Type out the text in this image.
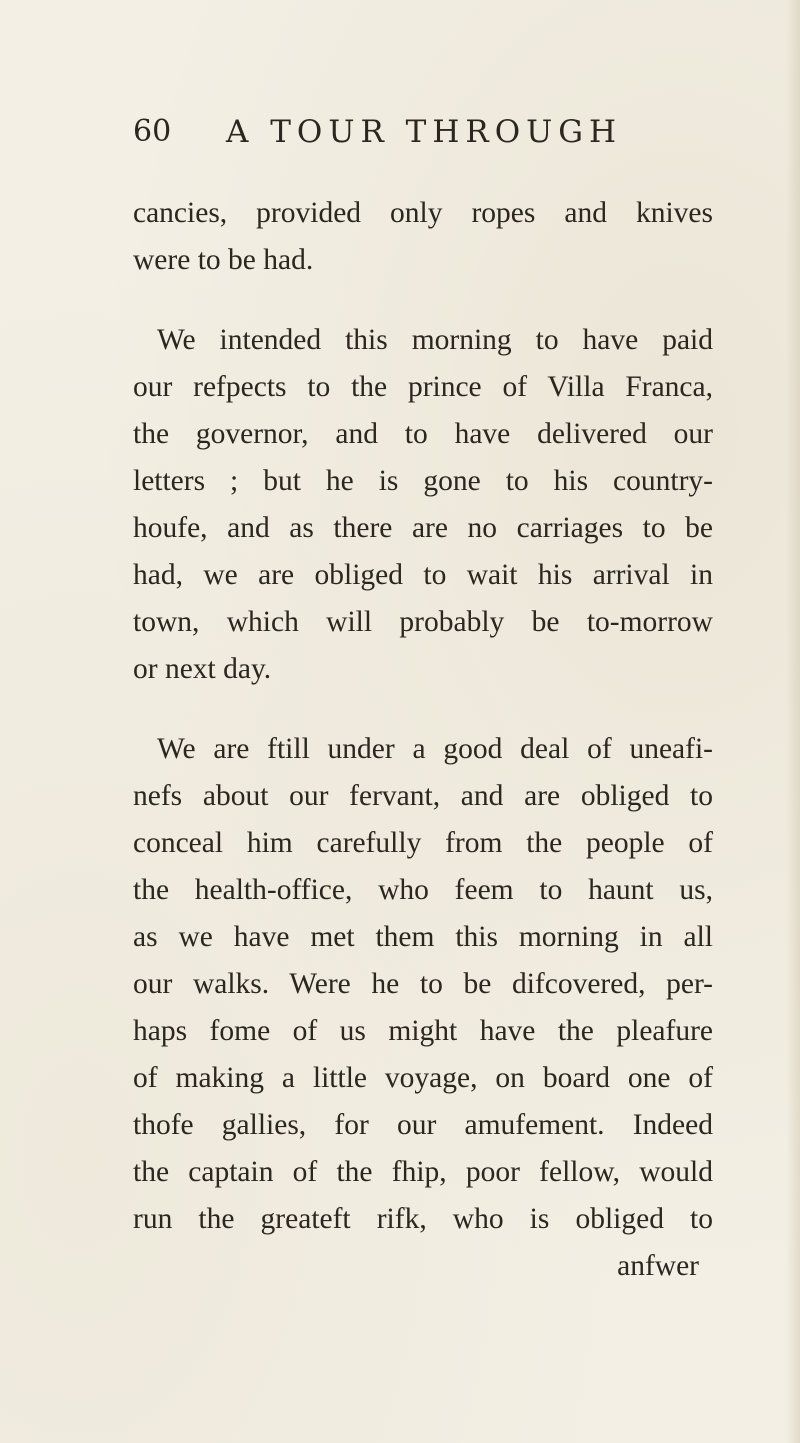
60 A TOUR THROUGH
cancies, provided only ropes and knives
were to be had.
We intended this morning to have paid
our refpects to the prince of Villa Franca,
the governor, and to have delivered our
letters ; but he is gone to his country-
houfe, and as there are no carriages to be
had, we are obliged to wait his arrival in
town, which will probably be to-morrow
or next day.
We are ftill under a good deal of uneafi-
nefs about our fervant, and are obliged to
conceal him carefully from the people of
the health-office, who feem to haunt us,
as we have met them this morning in all
our walks. Were he to be difcovered, per-
haps fome of us might have the pleafure
of making a little voyage, on board one of
thofe gallies, for our amufement. Indeed
the captain of the fhip, poor fellow, would
run the greateft rifk, who is obliged to
anfwer
